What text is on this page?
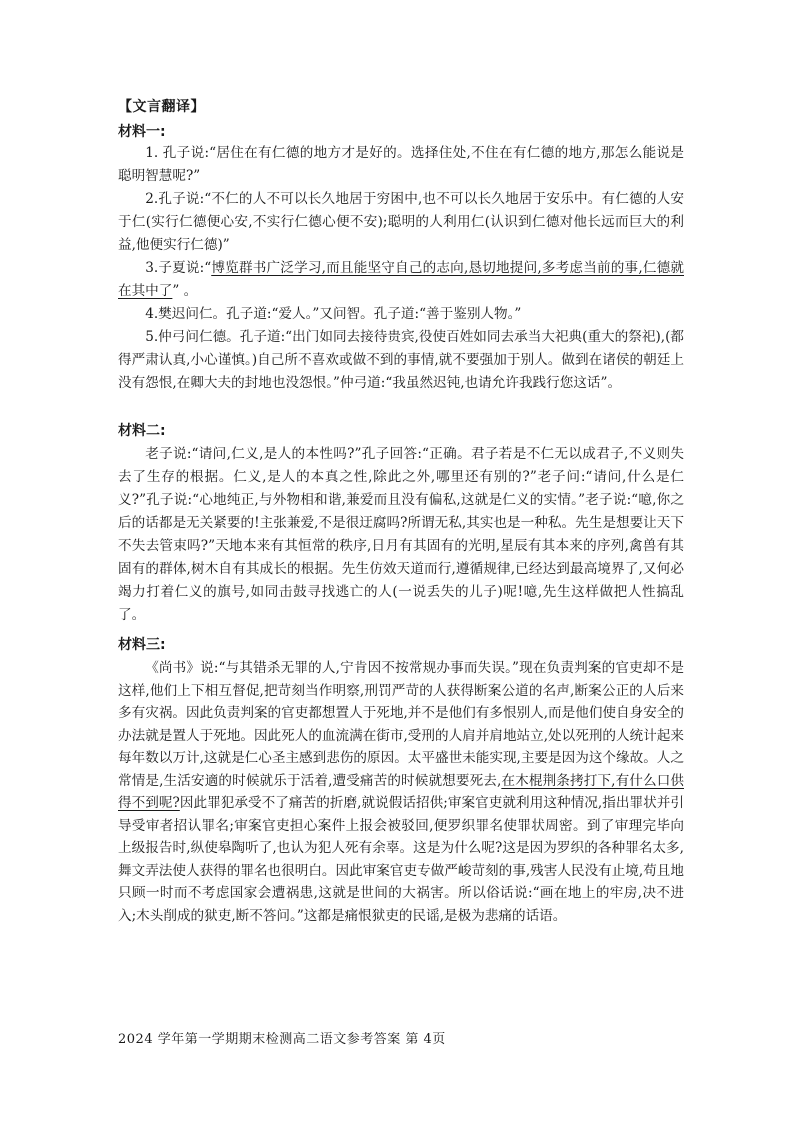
【文言翻译】
材料一:

1. 孔子说:“居住在有仁德的地方才是好的。选择住处,不住在有仁德的地方,那怎么能说是聪明智慧呢?”

2.孔子说:“不仁的人不可以长久地居于穷困中,也不可以长久地居于安乐中。有仁德的人安于仁(实行仁德便心安,不实行仁德心便不安);聪明的人利用仁(认识到仁德对他长远而巨大的利益,他便实行仁德)”

3.子夏说:“博览群书广泛学习,而且能坚守自己的志向,恳切地提问,多考虑当前的事,仁德就在其中了” 。

4.樊迟问仁。孔子道:“爱人。”又问智。孔子道:“善于鉴别人物。”

5.仲弓问仁德。孔子道:“出门如同去接待贵宾,役使百姓如同去承当大祀典(重大的祭祀),(都得严肃认真,小心谨慎。)自己所不喜欢或做不到的事情,就不要强加于别人。做到在诸侯的朝廷上没有怨恨,在卿大夫的封地也没怨恨。”仲弓道:“我虽然迟钝,也请允许我践行您这话”。

材料二:

老子说:“请问,仁义,是人的本性吗?”孔子回答:“正确。君子若是不仁无以成君子,不义则失去了生存的根据。仁义,是人的本真之性,除此之外,哪里还有别的?”老子问:“请问,什么是仁义?”孔子说:“心地纯正,与外物相和谐,兼爱而且没有偏私,这就是仁义的实情。”老子说:“噫,你之后的话都是无关紧要的!主张兼爱,不是很迂腐吗?所谓无私,其实也是一种私。先生是想要让天下不失去管束吗?”天地本来有其恒常的秩序,日月有其固有的光明,星辰有其本来的序列,禽兽有其固有的群体,树木自有其成长的根据。先生仿效天道而行,遵循规律,已经达到最高境界了,又何必竭力打着仁义的旗号,如同击鼓寻找逃亡的人(一说丢失的儿子)呢!噫,先生这样做把人性搞乱了。

材料三:

《尚书》说:“与其错杀无罪的人,宁肯因不按常规办事而失误。”现在负责判案的官吏却不是这样,他们上下相互督促,把苛刻当作明察,刑罚严苛的人获得断案公道的名声,断案公正的人后来多有灾祸。因此负责判案的官吏都想置人于死地,并不是他们有多恨别人,而是他们使自身安全的办法就是置人于死地。因此死人的血流满在街市,受刑的人肩并肩地站立,处以死刑的人统计起来每年数以万计,这就是仁心圣主感到悲伤的原因。太平盛世未能实现,主要是因为这个缘故。人之常情是,生活安適的时候就乐于活着,遭受痛苦的时候就想要死去,在木棍荆条拷打下,有什么口供得不到呢?因此罪犯承受不了痛苦的折磨,就说假话招供;审案官吏就利用这种情况,指出罪状并引导受审者招认罪名;审案官吏担心案件上报会被驳回,便罗织罪名使罪状周密。到了审理完毕向上级报告时,纵使皋陶听了,也认为犯人死有余辜。这是为什么呢?这是因为罗织的各种罪名太多,舞文弄法使人获得的罪名也很明白。因此审案官吏专做严峻苛刻的事,残害人民没有止境,苟且地只顾一时而不考虑国家会遭祸患,这就是世间的大祸害。所以俗话说:“画在地上的牢房,决不进入;木头削成的狱吏,断不答问。”这都是痛恨狱吏的民谣,是极为悲痛的话语。

2024 学年第一学期期末检测高二语文参考答案 第 4页
